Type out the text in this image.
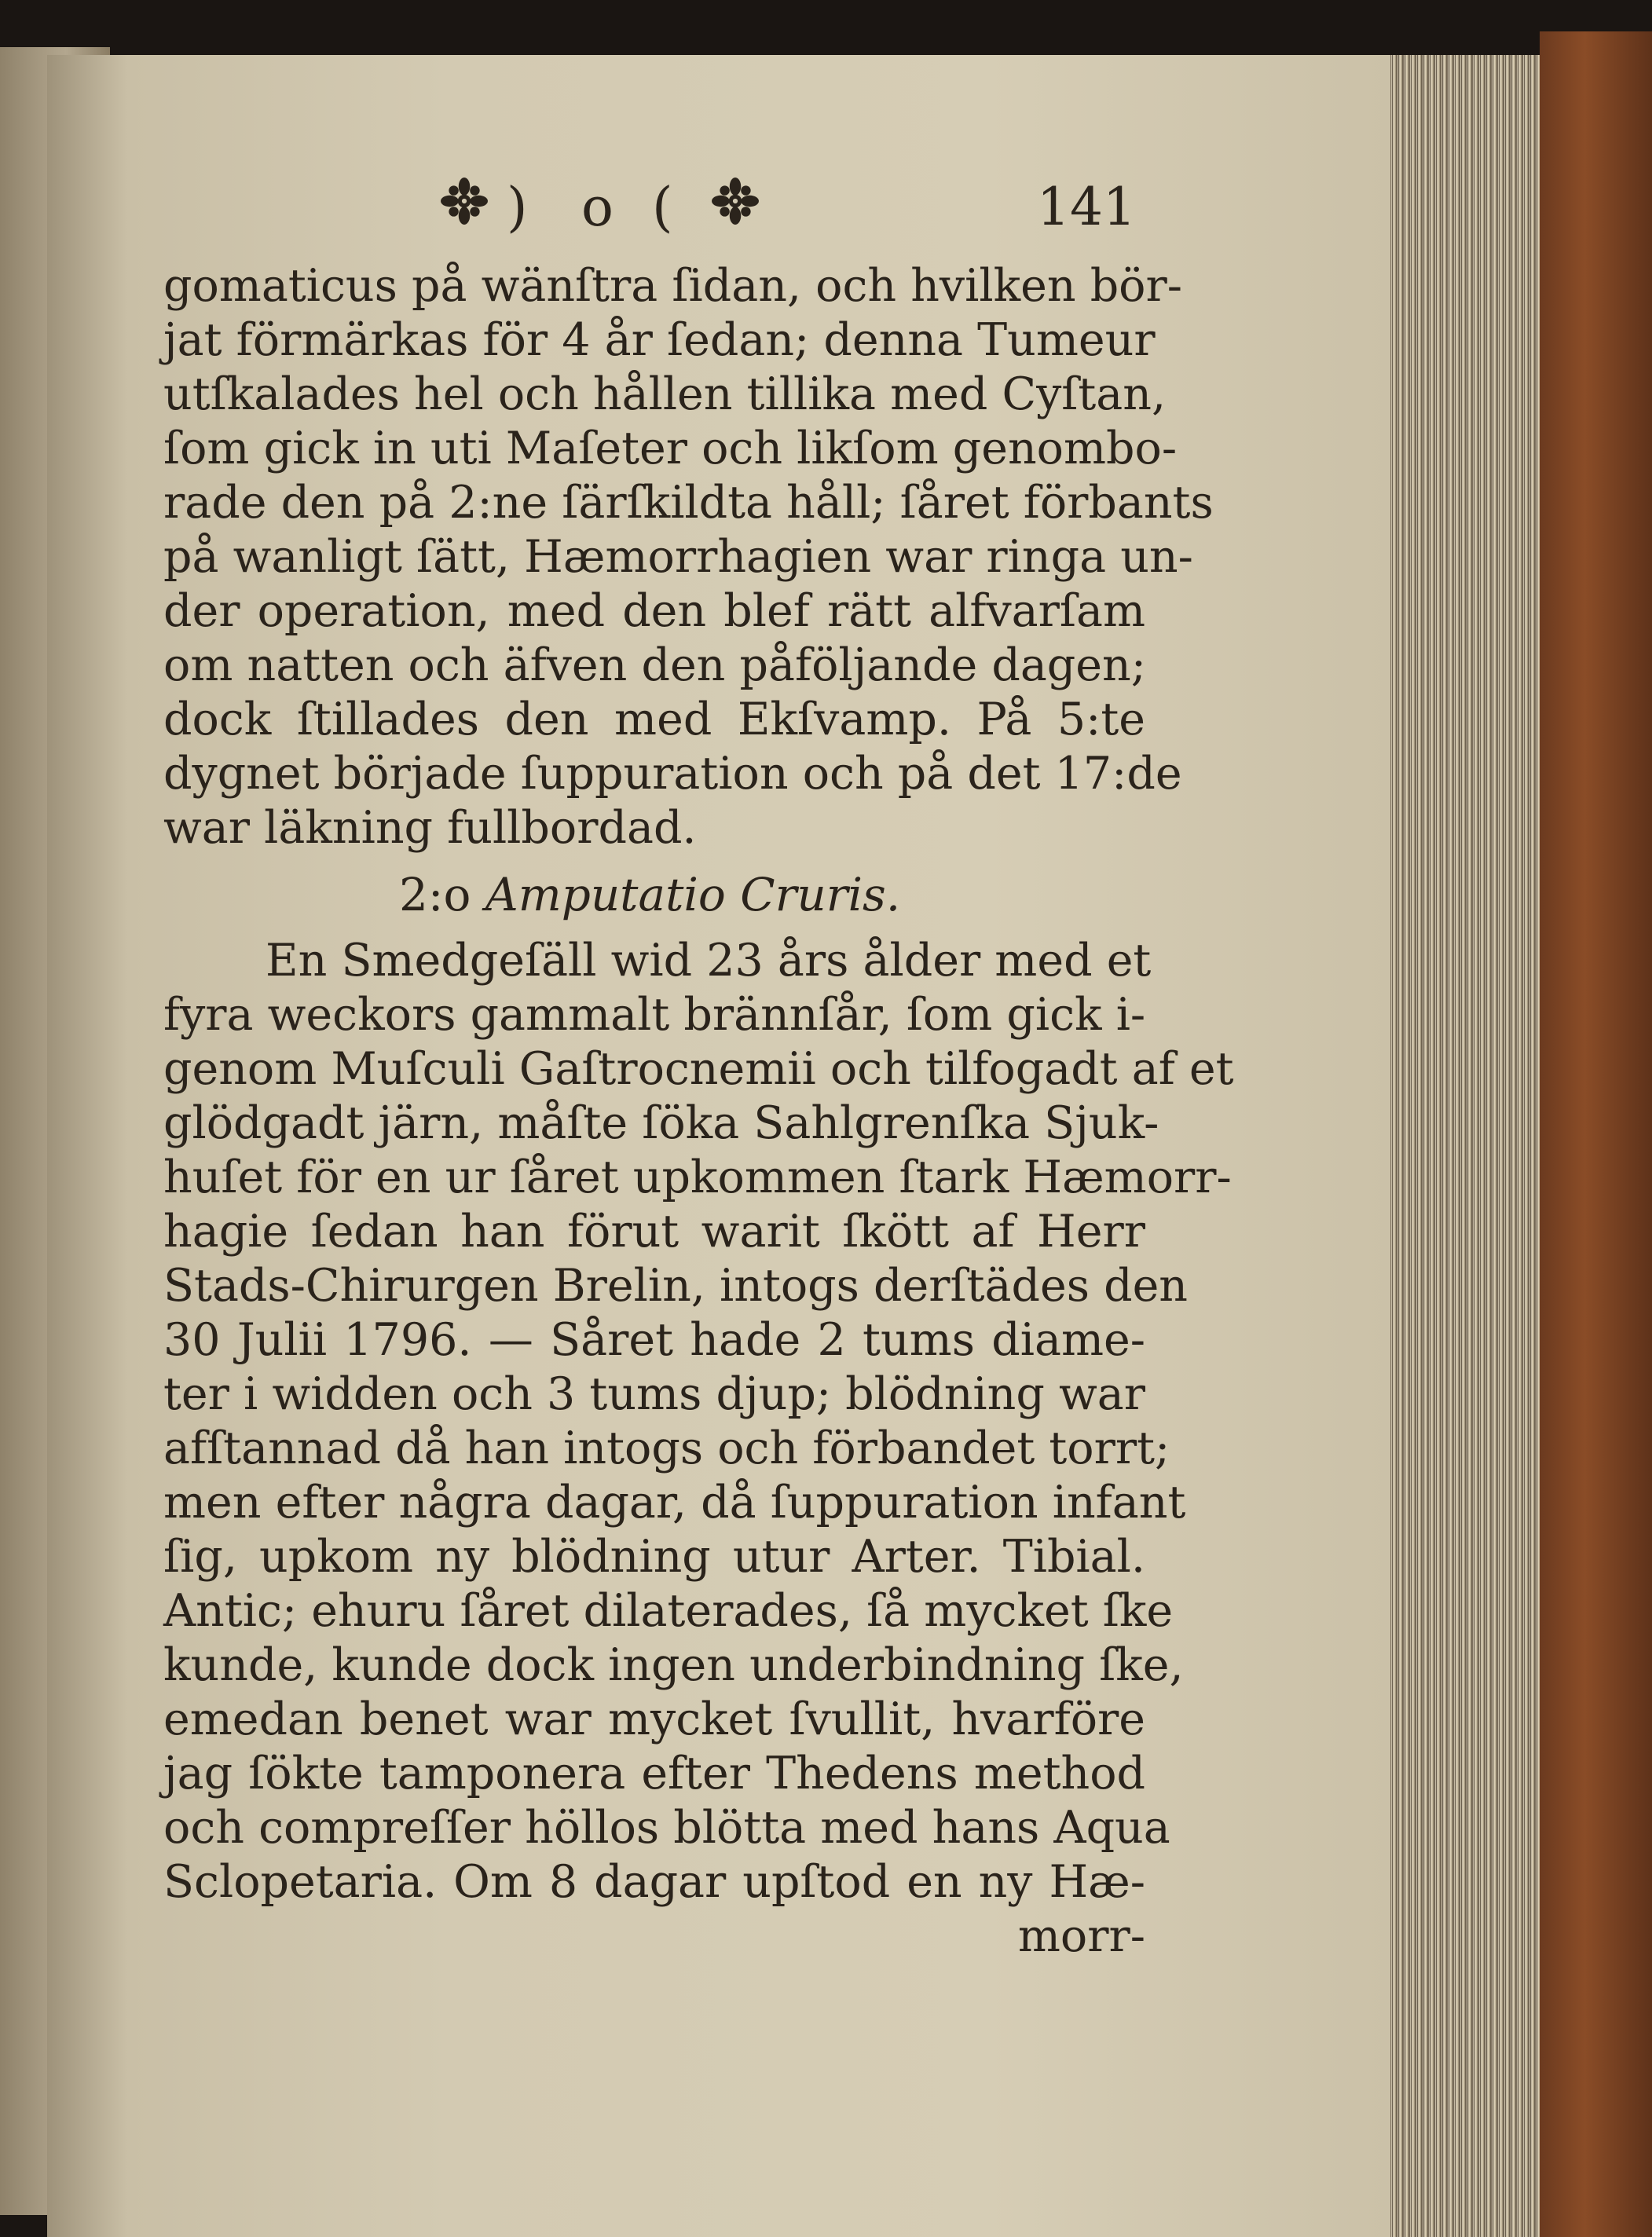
) o (	141
gomaticus på wänſtra ſidan, och hvilken bör-
jat förmärkas för 4 år ſedan; denna Tumeur
utſkalades hel och hållen tillika med Cyſtan,
ſom gick in uti Maſeter och likſom genombo-
rade den på 2:ne ſärſkildta håll; ſåret förbants
på wanligt ſätt, Hæmorrhagien war ringa un-
der operation, med den blef rätt alfvarſam
om natten och äfven den påföljande dagen;
dock ſtillades den med Ekſvamp. På 5:te
dygnet började ſuppuration och på det 17:de
war läkning fullbordad.
2:o Amputatio Cruris.
En Smedgeſäll wid 23 års ålder med et
fyra weckors gammalt brännſår, ſom gick i-
genom Muſculi Gaſtrocnemii och tilfogadt af et
glödgadt järn, måſte ſöka Sahlgrenſka Sjuk-
huſet för en ur ſåret upkommen ſtark Hæmorr-
hagie ſedan han förut warit ſkött af Herr
Stads-Chirurgen Brelin, intogs derſtädes den
30 Julii 1796. — Såret hade 2 tums diame-
ter i widden och 3 tums djup; blödning war
afſtannad då han intogs och förbandet torrt;
men efter några dagar, då ſuppuration infant
ſig, upkom ny blödning utur Arter. Tibial.
Antic; ehuru ſåret dilaterades, ſå mycket ſke
kunde, kunde dock ingen underbindning ſke,
emedan benet war mycket ſvullit, hvarföre
jag ſökte tamponera efter Thedens method
och compreſſer höllos blötta med hans Aqua
Sclopetaria. Om 8 dagar upſtod en ny Hæ-
morr-
